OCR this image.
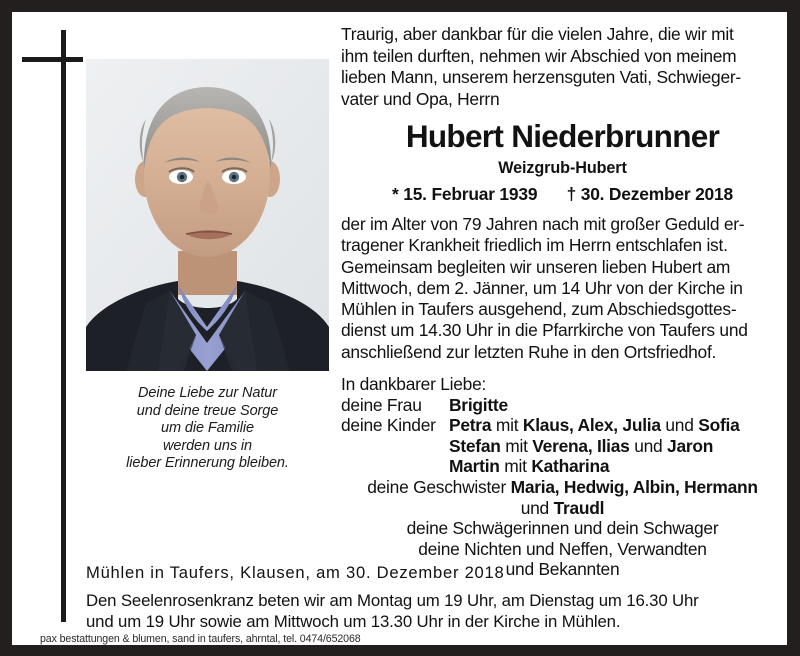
Deine Liebe zur Natur
und deine treue Sorge
um die Familie
werden uns in
lieber Erinnerung bleiben.
Traurig, aber dankbar für die vielen Jahre, die wir mit
ihm teilen durften, nehmen wir Abschied von meinem
lieben Mann, unserem herzensguten Vati, Schwieger-
vater und Opa, Herrn
Hubert Niederbrunner
Weizgrub-Hubert
* 15. Februar 1939 † 30. Dezember 2018
der im Alter von 79 Jahren nach mit großer Geduld er-
tragener Krankheit friedlich im Herrn entschlafen ist.
Gemeinsam begleiten wir unseren lieben Hubert am
Mittwoch, dem 2. Jänner, um 14 Uhr von der Kirche in
Mühlen in Taufers ausgehend, zum Abschiedsgottes-
dienst um 14.30 Uhr in die Pfarrkirche von Taufers und
anschließend zur letzten Ruhe in den Ortsfriedhof.
In dankbarer Liebe:
deine Frau Brigitte
deine Kinder Petra mit Klaus, Alex, Julia und Sofia
Stefan mit Verena, Ilias und Jaron
Martin mit Katharina
deine Geschwister Maria, Hedwig, Albin, Hermann
und Traudl
deine Schwägerinnen und dein Schwager
deine Nichten und Neffen, Verwandten
und Bekannten
Mühlen in Taufers, Klausen, am 30. Dezember 2018
Den Seelenrosenkranz beten wir am Montag um 19 Uhr, am Dienstag um 16.30 Uhr
und um 19 Uhr sowie am Mittwoch um 13.30 Uhr in der Kirche in Mühlen.
pax bestattungen & blumen, sand in taufers, ahrntal, tel. 0474/652068
